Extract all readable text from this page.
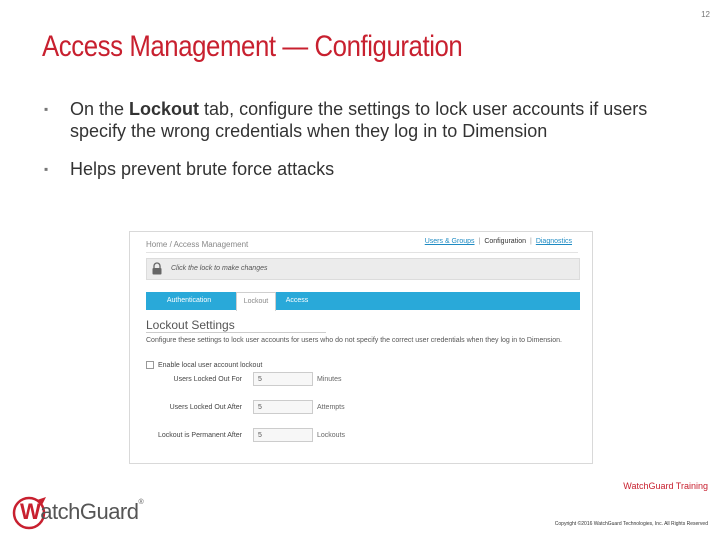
12
Access Management — Configuration
▪ On the Lockout tab, configure the settings to lock user accounts if users specify the wrong credentials when they log in to Dimension
▪ Helps prevent brute force attacks
Home / Access Management	Users & Groups | Configuration | Diagnostics
Click the lock to make changes
Authentication	Lockout	Access
Lockout Settings
Configure these settings to lock user accounts for users who do not specify the correct user credentials when they log in to Dimension.
Enable local user account lockout
Users Locked Out For	5	Minutes
Users Locked Out After	5	Attempts
Lockout is Permanent After	5	Lockouts
WatchGuard®
WatchGuard Training
Copyright ©2016 WatchGuard Technologies, Inc. All Rights Reserved
